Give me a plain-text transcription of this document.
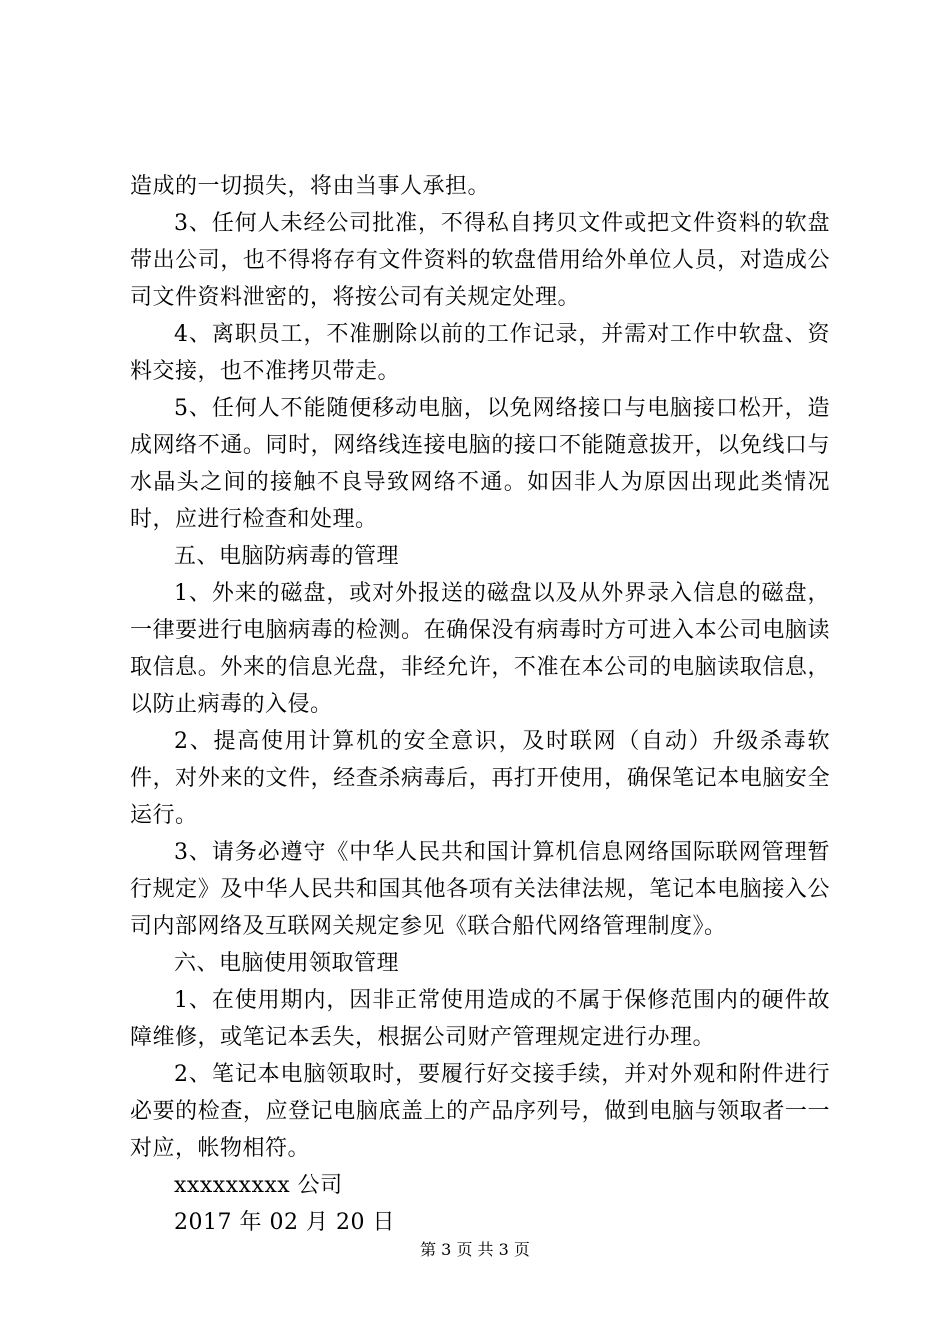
造成的一切损失，将由当事人承担。

3、任何人未经公司批准，不得私自拷贝文件或把文件资料的软盘带出公司，也不得将存有文件资料的软盘借用给外单位人员，对造成公司文件资料泄密的，将按公司有关规定处理。

4、离职员工，不准删除以前的工作记录，并需对工作中软盘、资料交接，也不准拷贝带走。

5、任何人不能随便移动电脑，以免网络接口与电脑接口松开，造成网络不通。同时，网络线连接电脑的接口不能随意拔开，以免线口与水晶头之间的接触不良导致网络不通。如因非人为原因出现此类情况时，应进行检查和处理。

五、电脑防病毒的管理

1、外来的磁盘，或对外报送的磁盘以及从外界录入信息的磁盘，一律要进行电脑病毒的检测。在确保没有病毒时方可进入本公司电脑读取信息。外来的信息光盘，非经允许，不准在本公司的电脑读取信息，以防止病毒的入侵。

2、提高使用计算机的安全意识，及时联网（自动）升级杀毒软件，对外来的文件，经查杀病毒后，再打开使用，确保笔记本电脑安全运行。

3、请务必遵守《中华人民共和国计算机信息网络国际联网管理暂行规定》及中华人民共和国其他各项有关法律法规，笔记本电脑接入公司内部网络及互联网关规定参见《联合船代网络管理制度》。

六、电脑使用领取管理

1、在使用期内，因非正常使用造成的不属于保修范围内的硬件故障维修，或笔记本丢失，根据公司财产管理规定进行办理。

2、笔记本电脑领取时，要履行好交接手续，并对外观和附件进行必要的检查，应登记电脑底盖上的产品序列号，做到电脑与领取者一一对应，帐物相符。

xxxxxxxxx 公司

2017 年 02 月 20 日

第 3 页 共 3 页
